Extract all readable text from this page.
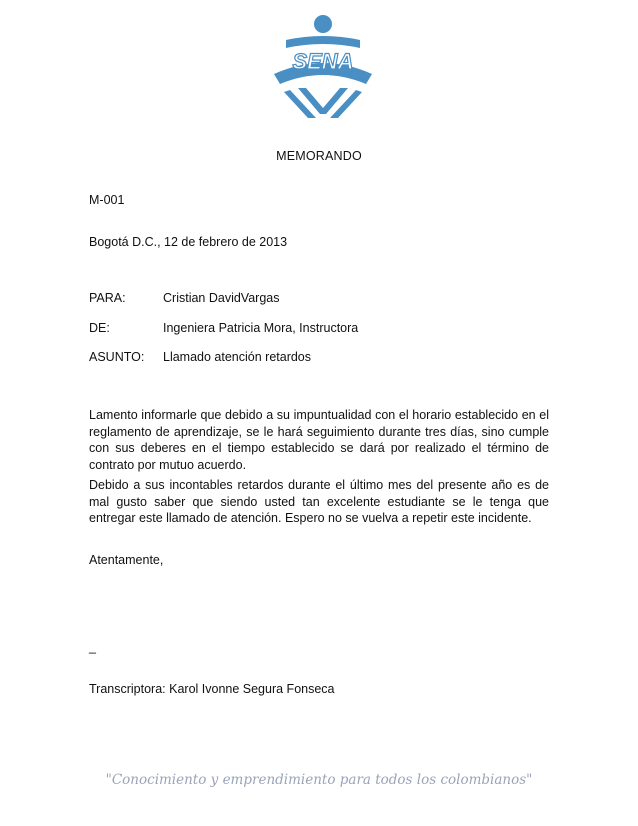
SENA
MEMORANDO
M-001
Bogotá D.C., 12 de febrero de 2013
PARA:	Cristian DavidVargas
DE:	Ingeniera Patricia Mora, Instructora
ASUNTO: Llamado atención retardos

Lamento informarle que debido a su impuntualidad con el horario establecido en el reglamento de aprendizaje, se le hará seguimiento durante tres días, sino cumple con sus deberes en el tiempo establecido se dará por realizado el término de contrato por mutuo acuerdo.

Debido a sus incontables retardos durante el último mes del presente año es de mal gusto saber que siendo usted tan excelente estudiante se le tenga que entregar este llamado de atención. Espero no se vuelva a repetir este incidente.

Atentamente,
_
Transcriptora: Karol Ivonne Segura Fonseca
"Conocimiento y emprendimiento para todos los colombianos"
